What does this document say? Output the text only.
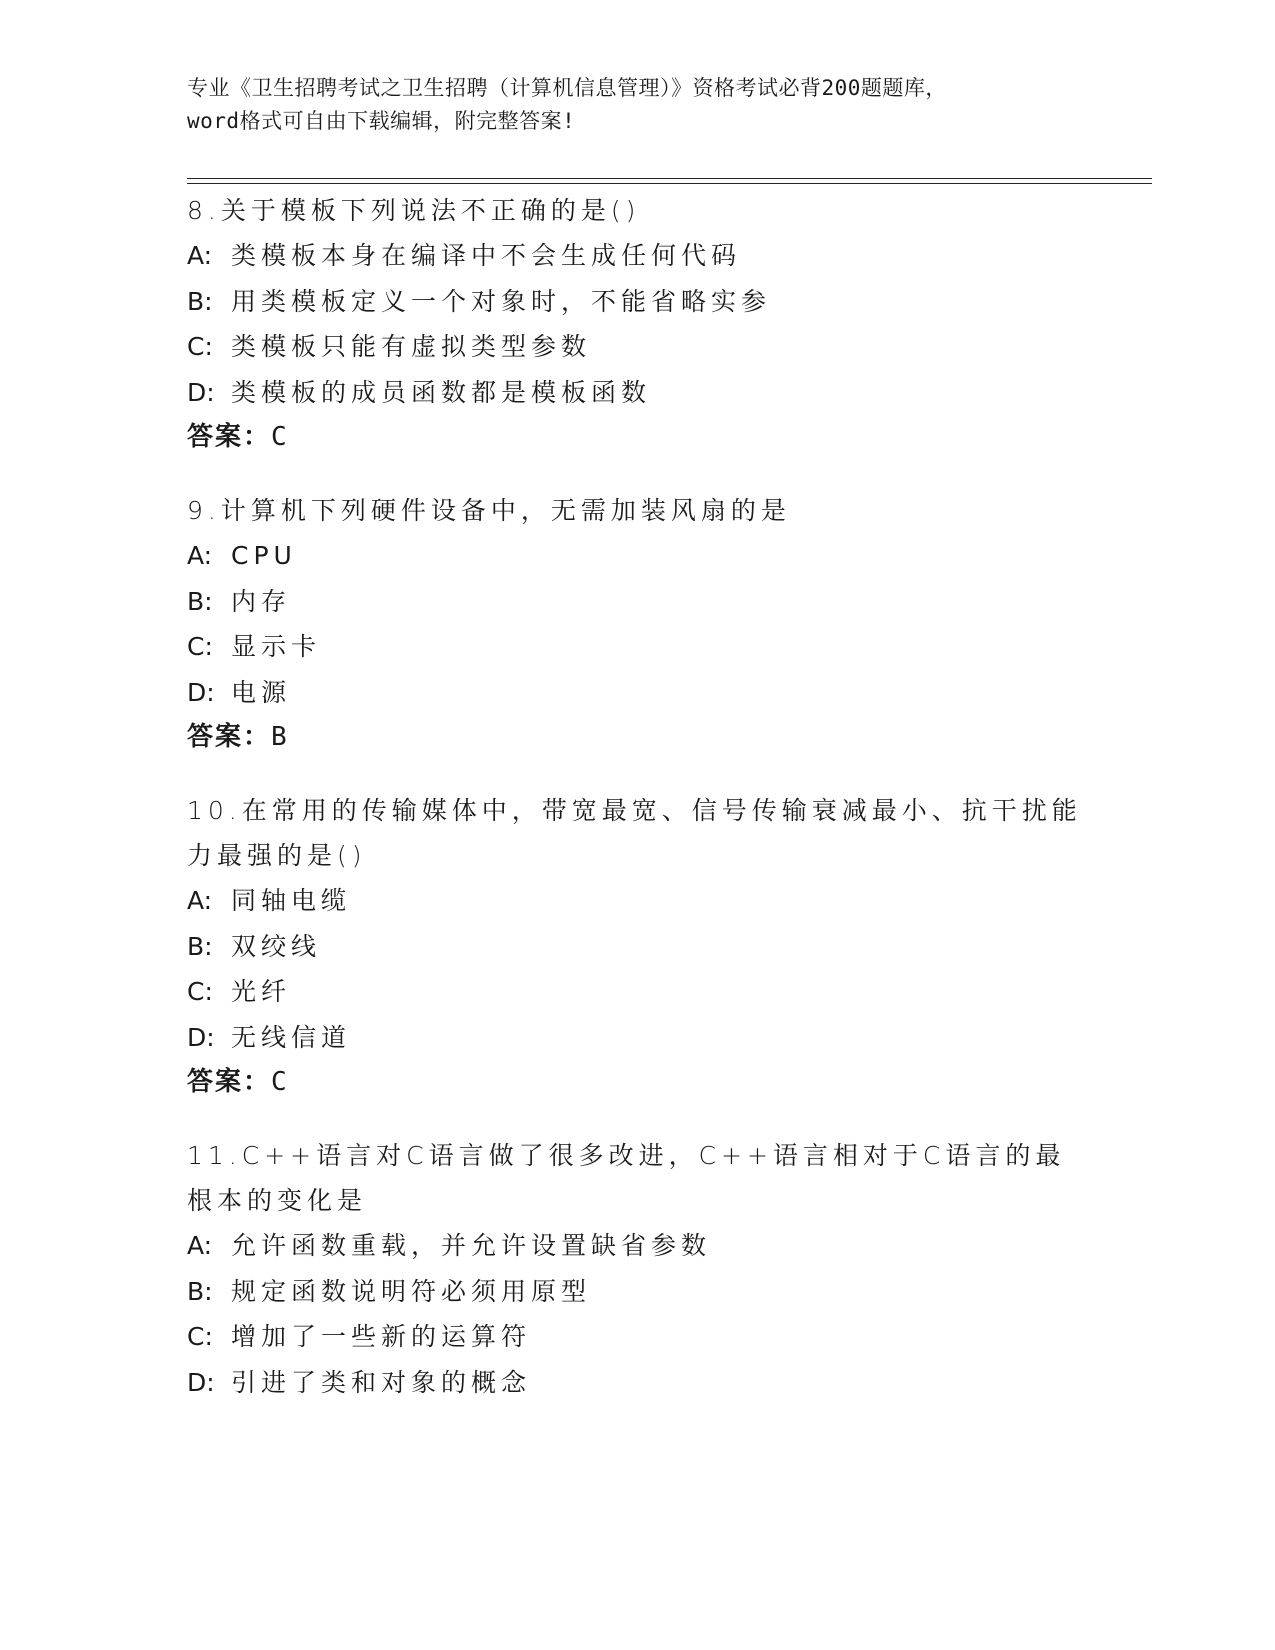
专业《卫生招聘考试之卫生招聘（计算机信息管理）》资格考试必背200题题库，
word格式可自由下载编辑，附完整答案!
8.关于模板下列说法不正确的是()
A: 类模板本身在编译中不会生成任何代码
B: 用类模板定义一个对象时，不能省略实参
C: 类模板只能有虚拟类型参数
D: 类模板的成员函数都是模板函数
答案：C
9.计算机下列硬件设备中，无需加装风扇的是
A: CPU
B: 内存
C: 显示卡
D: 电源
答案：B
10.在常用的传输媒体中，带宽最宽、信号传输衰减最小、抗干扰能力最强的是()
A: 同轴电缆
B: 双绞线
C: 光纤
D: 无线信道
答案：C
11.C++语言对C语言做了很多改进，C++语言相对于C语言的最根本的变化是
A: 允许函数重载，并允许设置缺省参数
B: 规定函数说明符必须用原型
C: 增加了一些新的运算符
D: 引进了类和对象的概念
